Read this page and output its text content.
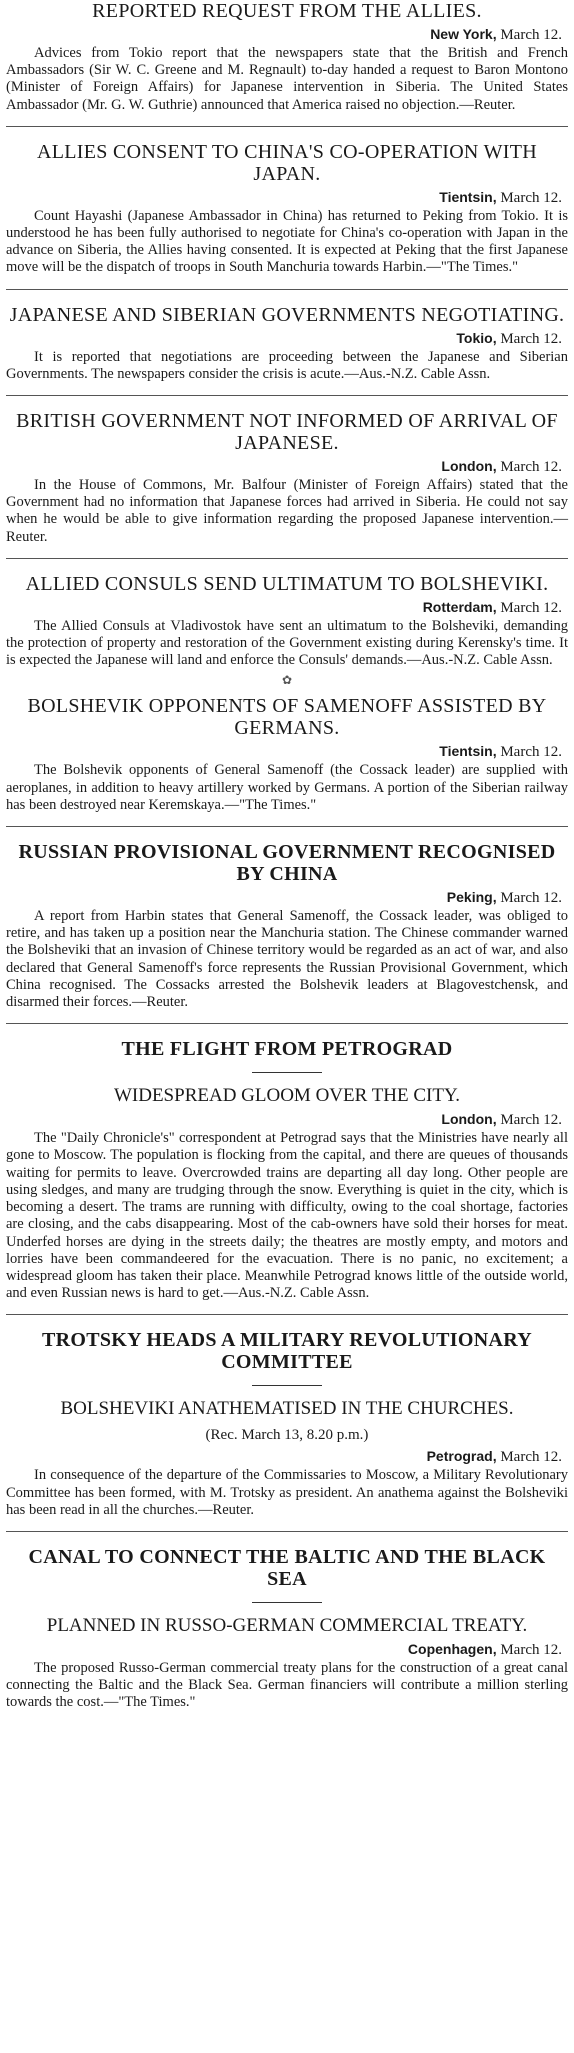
REPORTED REQUEST FROM THE ALLIES.
New York, March 12.

Advices from Tokio report that the newspapers state that the British and French Ambassadors (Sir W. C. Greene and M. Regnault) to-day handed a request to Baron Montono (Minister of Foreign Affairs) for Japanese intervention in Siberia. The United States Ambassador (Mr. G. W. Guthrie) announced that America raised no objection.—Reuter.

ALLIES CONSENT TO CHINA'S CO-OPERATION WITH JAPAN.
Tientsin, March 12.

Count Hayashi (Japanese Ambassador in China) has returned to Peking from Tokio. It is understood he has been fully authorised to negotiate for China's co-operation with Japan in the advance on Siberia, the Allies having consented. It is expected at Peking that the first Japanese move will be the dispatch of troops in South Manchuria towards Harbin.—"The Times."

JAPANESE AND SIBERIAN GOVERNMENTS NEGOTIATING.
Tokio, March 12.

It is reported that negotiations are proceeding between the Japanese and Siberian Governments. The newspapers consider the crisis is acute.—Aus.-N.Z. Cable Assn.

BRITISH GOVERNMENT NOT INFORMED OF ARRIVAL OF JAPANESE.
London, March 12.

In the House of Commons, Mr. Balfour (Minister of Foreign Affairs) stated that the Government had no information that Japanese forces had arrived in Siberia. He could not say when he would be able to give information regarding the proposed Japanese intervention.—Reuter.

ALLIED CONSULS SEND ULTIMATUM TO BOLSHEVIKI.
Rotterdam, March 12.

The Allied Consuls at Vladivostok have sent an ultimatum to the Bolsheviki, demanding the protection of property and restoration of the Government existing during Kerensky's time. It is expected the Japanese will land and enforce the Consuls' demands.—Aus.-N.Z. Cable Assn.

✿
BOLSHEVIK OPPONENTS OF SAMENOFF ASSISTED BY GERMANS.
Tientsin, March 12.

The Bolshevik opponents of General Samenoff (the Cossack leader) are supplied with aeroplanes, in addition to heavy artillery worked by Germans. A portion of the Siberian railway has been destroyed near Keremskaya.—"The Times."

RUSSIAN PROVISIONAL GOVERNMENT RECOGNISED BY CHINA
Peking, March 12.

A report from Harbin states that General Samenoff, the Cossack leader, was obliged to retire, and has taken up a position near the Manchuria station. The Chinese commander warned the Bolsheviki that an invasion of Chinese territory would be regarded as an act of war, and also declared that General Samenoff's force represents the Russian Provisional Government, which China recognised. The Cossacks arrested the Bolshevik leaders at Blagovestchensk, and disarmed their forces.—Reuter.

THE FLIGHT FROM PETROGRAD
WIDESPREAD GLOOM OVER THE CITY.
London, March 12.

The "Daily Chronicle's" correspondent at Petrograd says that the Ministries have nearly all gone to Moscow. The population is flocking from the capital, and there are queues of thousands waiting for permits to leave. Overcrowded trains are departing all day long. Other people are using sledges, and many are trudging through the snow. Everything is quiet in the city, which is becoming a desert. The trams are running with difficulty, owing to the coal shortage, factories are closing, and the cabs disappearing. Most of the cab-owners have sold their horses for meat. Underfed horses are dying in the streets daily; the theatres are mostly empty, and motors and lorries have been commandeered for the evacuation. There is no panic, no excitement; a widespread gloom has taken their place. Meanwhile Petrograd knows little of the outside world, and even Russian news is hard to get.—Aus.-N.Z. Cable Assn.

TROTSKY HEADS A MILITARY REVOLUTIONARY COMMITTEE
BOLSHEVIKI ANATHEMATISED IN THE CHURCHES.
(Rec. March 13, 8.20 p.m.)
Petrograd, March 12.

In consequence of the departure of the Commissaries to Moscow, a Military Revolutionary Committee has been formed, with M. Trotsky as president. An anathema against the Bolsheviki has been read in all the churches.—Reuter.

CANAL TO CONNECT THE BALTIC AND THE BLACK SEA
PLANNED IN RUSSO-GERMAN COMMERCIAL TREATY.
Copenhagen, March 12.

The proposed Russo-German commercial treaty plans for the construction of a great canal connecting the Baltic and the Black Sea. German financiers will contribute a million sterling towards the cost.—"The Times."
